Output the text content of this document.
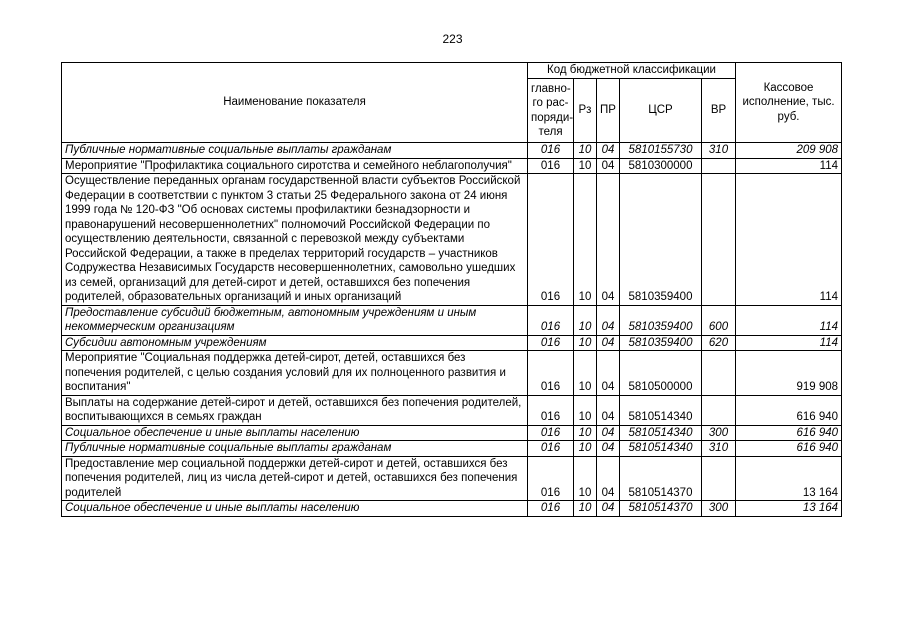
223
Наименование показателя	Код бюджетной классификации					Кассовое исполнение, тыс. руб.
	главно-го рас-поряди-теля	Рз	ПР	ЦСР	ВР	
Публичные нормативные социальные выплаты гражданам	016	10	04	5810155730	310	209 908
Мероприятие "Профилактика социального сиротства и семейного неблагополучия"	016	10	04	5810300000		114
Осуществление переданных органам государственной власти субъектов Российской Федерации в соответствии с пунктом 3 статьи 25 Федерального закона от 24 июня 1999 года № 120-ФЗ "Об основах системы профилактики безнадзорности и правонарушений несовершеннолетних" полномочий Российской Федерации по осуществлению деятельности, связанной с перевозкой между субъектами Российской Федерации, а также в пределах территорий государств – участников Содружества Независимых Государств несовершеннолетних, самовольно ушедших из семей, организаций для детей-сирот и детей, оставшихся без попечения родителей, образовательных организаций и иных организаций	016	10	04	5810359400		114
Предоставление субсидий бюджетным, автономным учреждениям и иным некоммерческим организациям	016	10	04	5810359400	600	114
Субсидии автономным учреждениям	016	10	04	5810359400	620	114
Мероприятие "Социальная поддержка детей-сирот, детей, оставшихся без попечения родителей, с целью создания условий для их полноценного развития и воспитания"	016	10	04	5810500000		919 908
Выплаты на содержание детей-сирот и детей, оставшихся без попечения родителей, воспитывающихся в семьях граждан	016	10	04	5810514340		616 940
Социальное обеспечение и иные выплаты населению	016	10	04	5810514340	300	616 940
Публичные нормативные социальные выплаты гражданам	016	10	04	5810514340	310	616 940
Предоставление мер социальной поддержки детей-сирот и детей, оставшихся без попечения родителей, лиц из числа детей-сирот и детей, оставшихся без попечения родителей	016	10	04	5810514370		13 164
Социальное обеспечение и иные выплаты населению	016	10	04	5810514370	300	13 164
